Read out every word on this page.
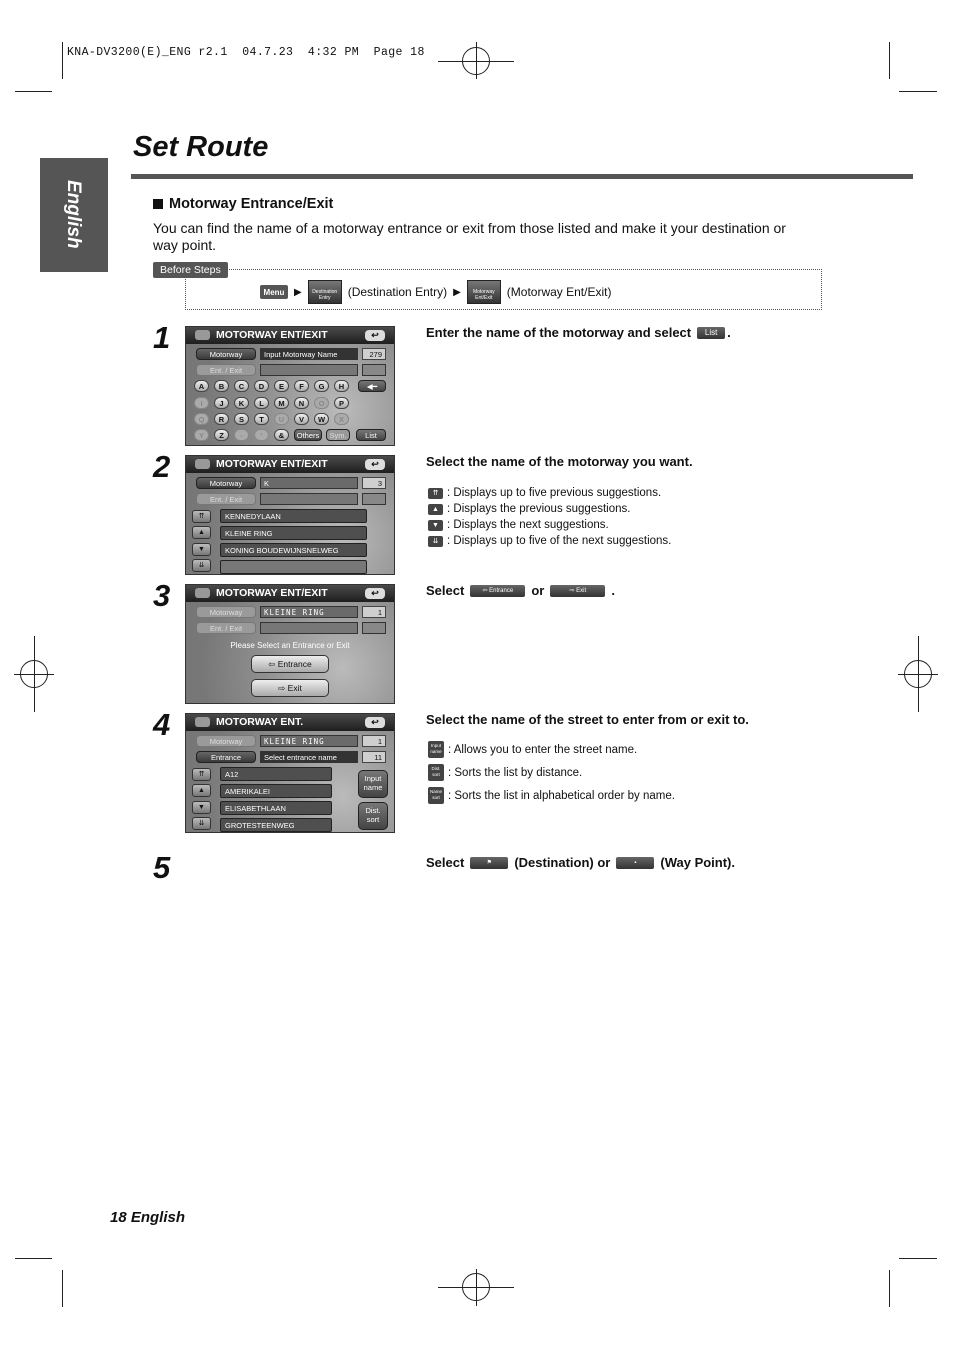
KNA-DV3200(E)_ENG r2.1  04.7.23  4:32 PM  Page 18
English
Set Route
Motorway Entrance/Exit
You can find the name of a motorway entrance or exit from those listed and make it your destination or way point.
Before Steps
Menu ▶	Destination Entry	(Destination Entry) ▶	Motorway Ent/Exit	(Motorway Ent/Exit)
1
2
3
4
5
MOTORWAY ENT/EXIT	↩
Motorway	Input Motorway Name	279
Ent. / Exit
◀━
Others	Sym.	List
A	B	C	D	E	F	G	H
I	J	K	L	M	N	O	P
Q	R	S	T	U	V	W	X
Y	Z	-	'	&
MOTORWAY ENT/EXIT	↩
Motorway	K	3
Ent. / Exit
⇈
▲
▼
⇊
KENNEDYLAAN
KLEINE RING
KONING BOUDEWIJNSNELWEG
MOTORWAY ENT/EXIT	↩
Motorway	KLEINE RING	1
Ent. / Exit
Please Select an Entrance or Exit
⇦ Entrance
⇨ Exit
MOTORWAY ENT.	↩
Motorway	KLEINE RING	1
Entrance	Select entrance name	11
⇈
▲
▼
⇊
A12
AMERIKALEI
ELISABETHLAAN
GROTESTEENWEG
Input name
Dist. sort
Enter the name of the motorway and select	List .
Select the name of the motorway you want.
⇈ : Displays up to five previous suggestions.
▲ : Displays the previous suggestions.
▼ : Displays the next suggestions.
⇊ : Displays up to five of the next suggestions.
Select	⇦ Entrance	or	⇨ Exit	.
Select the name of the street to enter from or exit to.
Input name : Allows you to enter the street name.
Dist. sort : Sorts the list by distance.
Name sort : Sorts the list in alphabetical order by name.
Select	⚑	(Destination) or	▪	(Way Point).
18 English
